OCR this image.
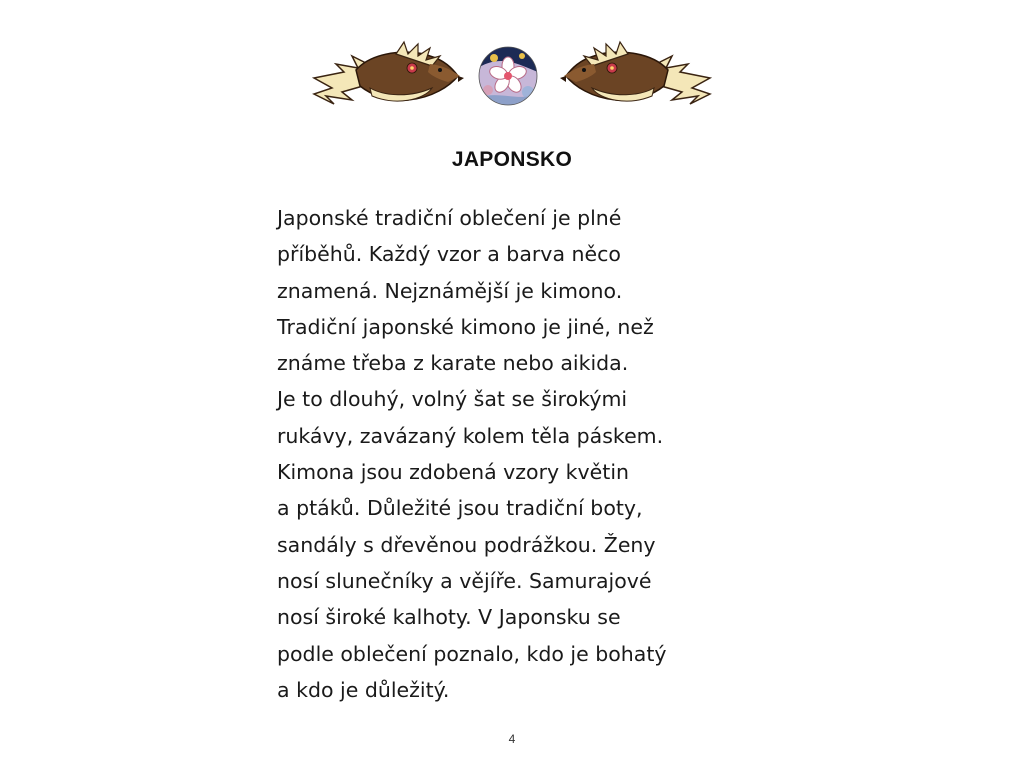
JAPONSKO
Japonské tradiční oblečení je plné
příběhů. Každý vzor a barva něco
znamená. Nejznámější je kimono.
Tradiční japonské kimono je jiné, než
známe třeba z karate nebo aikida.
Je to dlouhý, volný šat se širokými
rukávy, zavázaný kolem těla páskem.
Kimona jsou zdobená vzory květin
a ptáků. Důležité jsou tradiční boty,
sandály s dřevěnou podrážkou. Ženy
nosí slunečníky a vějíře. Samurajové
nosí široké kalhoty. V Japonsku se
podle oblečení poznalo, kdo je bohatý
a kdo je důležitý.
4
